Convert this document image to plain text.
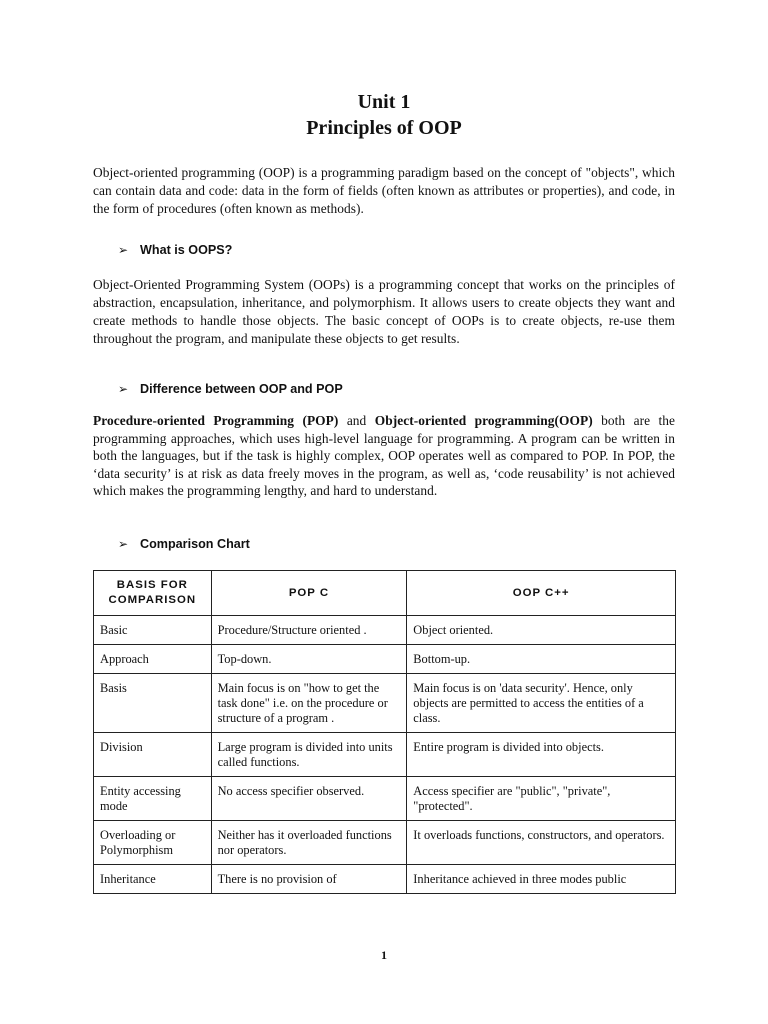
Unit 1
Principles of OOP
Object-oriented programming (OOP) is a programming paradigm based on the concept of "objects", which can contain data and code: data in the form of fields (often known as attributes or properties), and code, in the form of procedures (often known as methods).
➢ What is OOPS?
Object-Oriented Programming System (OOPs) is a programming concept that works on the principles of abstraction, encapsulation, inheritance, and polymorphism. It allows users to create objects they want and create methods to handle those objects. The basic concept of OOPs is to create objects, re-use them throughout the program, and manipulate these objects to get results.
➢ Difference between OOP and POP
Procedure-oriented Programming (POP) and Object-oriented programming(OOP) both are the programming approaches, which uses high-level language for programming. A program can be written in both the languages, but if the task is highly complex, OOP operates well as compared to POP. In POP, the ‘data security’ is at risk as data freely moves in the program, as well as, ‘code reusability’ is not achieved which makes the programming lengthy, and hard to understand.
➢ Comparison Chart
BASIS FOR COMPARISON	POP C	OOP C++
Basic	Procedure/Structure oriented .	Object oriented.
Approach	Top-down.	Bottom-up.
Basis	Main focus is on "how to get the task done" i.e. on the procedure or structure of a program .	Main focus is on 'data security'. Hence, only objects are permitted to access the entities of a class.
Division	Large program is divided into units called functions.	Entire program is divided into objects.
Entity accessing mode	No access specifier observed.	Access specifier are "public", "private", "protected".
Overloading or Polymorphism	Neither has it overloaded functions nor operators.	It overloads functions, constructors, and operators.
Inheritance	There is no provision of	Inheritance achieved in three modes public
1
